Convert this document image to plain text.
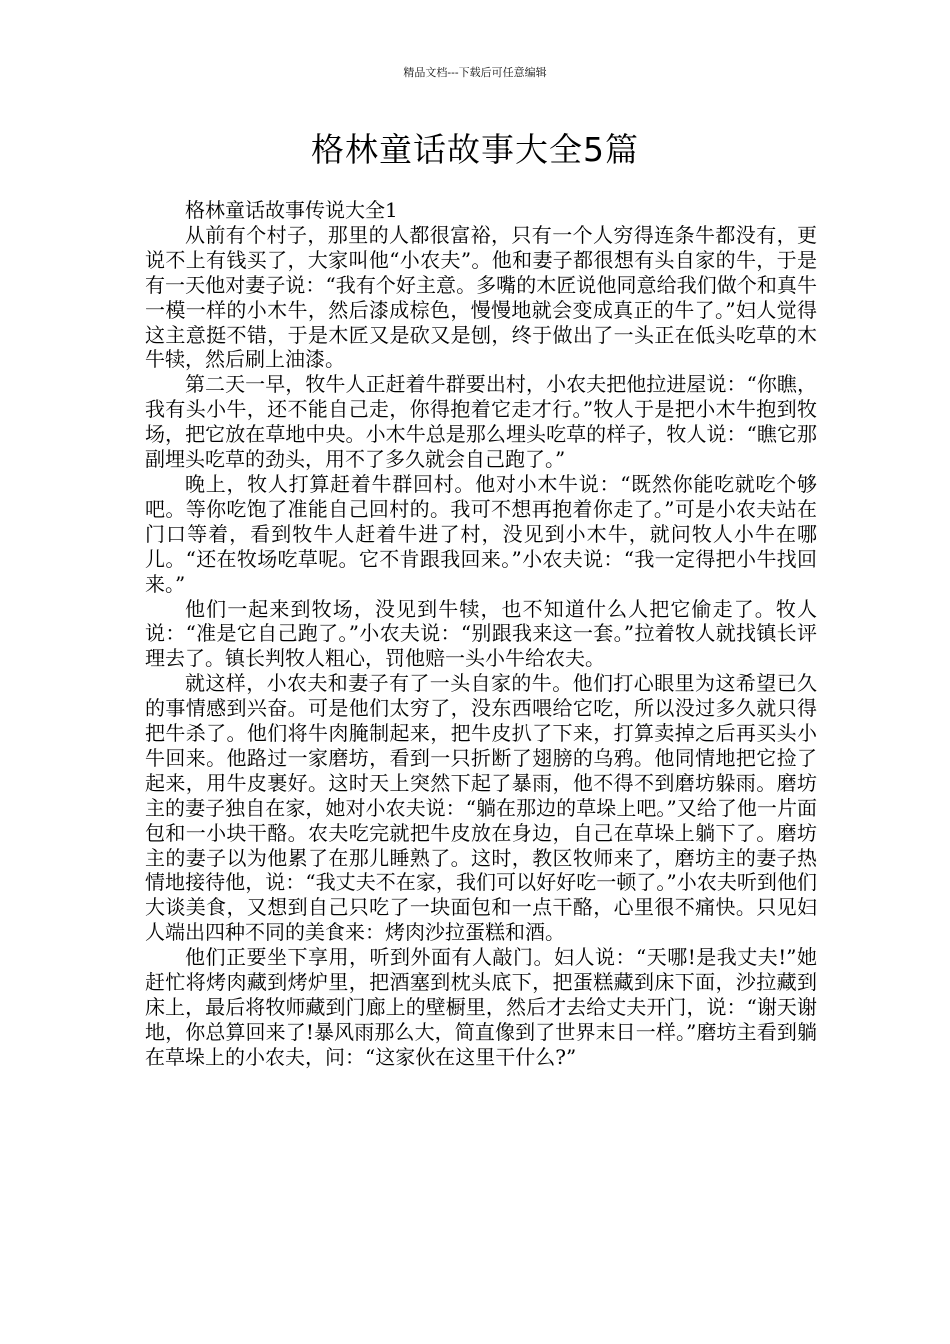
精品文档---下载后可任意编辑
格林童话故事大全5篇

格林童话故事传说大全1

从前有个村子，那里的人都很富裕，只有一个人穷得连条牛都没有，更说不上有钱买了，大家叫他“小农夫”。他和妻子都很想有头自家的牛，于是有一天他对妻子说：“我有个好主意。多嘴的木匠说他同意给我们做个和真牛一模一样的小木牛，然后漆成棕色，慢慢地就会变成真正的牛了。”妇人觉得这主意挺不错，于是木匠又是砍又是刨，终于做出了一头正在低头吃草的木牛犊，然后刷上油漆。

第二天一早，牧牛人正赶着牛群要出村，小农夫把他拉进屋说：“你瞧，我有头小牛，还不能自己走，你得抱着它走才行。”牧人于是把小木牛抱到牧场，把它放在草地中央。小木牛总是那么埋头吃草的样子，牧人说：“瞧它那副埋头吃草的劲头，用不了多久就会自己跑了。”

晚上，牧人打算赶着牛群回村。他对小木牛说：“既然你能吃就吃个够吧。等你吃饱了准能自己回村的。我可不想再抱着你走了。”可是小农夫站在门口等着，看到牧牛人赶着牛进了村，没见到小木牛，就问牧人小牛在哪儿。“还在牧场吃草呢。它不肯跟我回来。”小农夫说：“我一定得把小牛找回来。”

他们一起来到牧场，没见到牛犊，也不知道什么人把它偷走了。牧人说：“准是它自己跑了。”小农夫说：“别跟我来这一套。”拉着牧人就找镇长评理去了。镇长判牧人粗心，罚他赔一头小牛给农夫。

就这样，小农夫和妻子有了一头自家的牛。他们打心眼里为这希望已久的事情感到兴奋。可是他们太穷了，没东西喂给它吃，所以没过多久就只得把牛杀了。他们将牛肉腌制起来，把牛皮扒了下来，打算卖掉之后再买头小牛回来。他路过一家磨坊，看到一只折断了翅膀的乌鸦。他同情地把它捡了起来，用牛皮裹好。这时天上突然下起了暴雨，他不得不到磨坊躲雨。磨坊主的妻子独自在家，她对小农夫说：“躺在那边的草垛上吧。”又给了他一片面包和一小块干酪。农夫吃完就把牛皮放在身边，自己在草垛上躺下了。磨坊主的妻子以为他累了在那儿睡熟了。这时，教区牧师来了，磨坊主的妻子热情地接待他，说：“我丈夫不在家，我们可以好好吃一顿了。”小农夫听到他们大谈美食，又想到自己只吃了一块面包和一点干酪，心里很不痛快。只见妇人端出四种不同的美食来：烤肉沙拉蛋糕和酒。

他们正要坐下享用，听到外面有人敲门。妇人说：“天哪!是我丈夫!”她赶忙将烤肉藏到烤炉里，把酒塞到枕头底下，把蛋糕藏到床下面，沙拉藏到床上，最后将牧师藏到门廊上的壁橱里，然后才去给丈夫开门，说：“谢天谢地，你总算回来了!暴风雨那么大，简直像到了世界末日一样。”磨坊主看到躺在草垛上的小农夫，问：“这家伙在这里干什么?”
